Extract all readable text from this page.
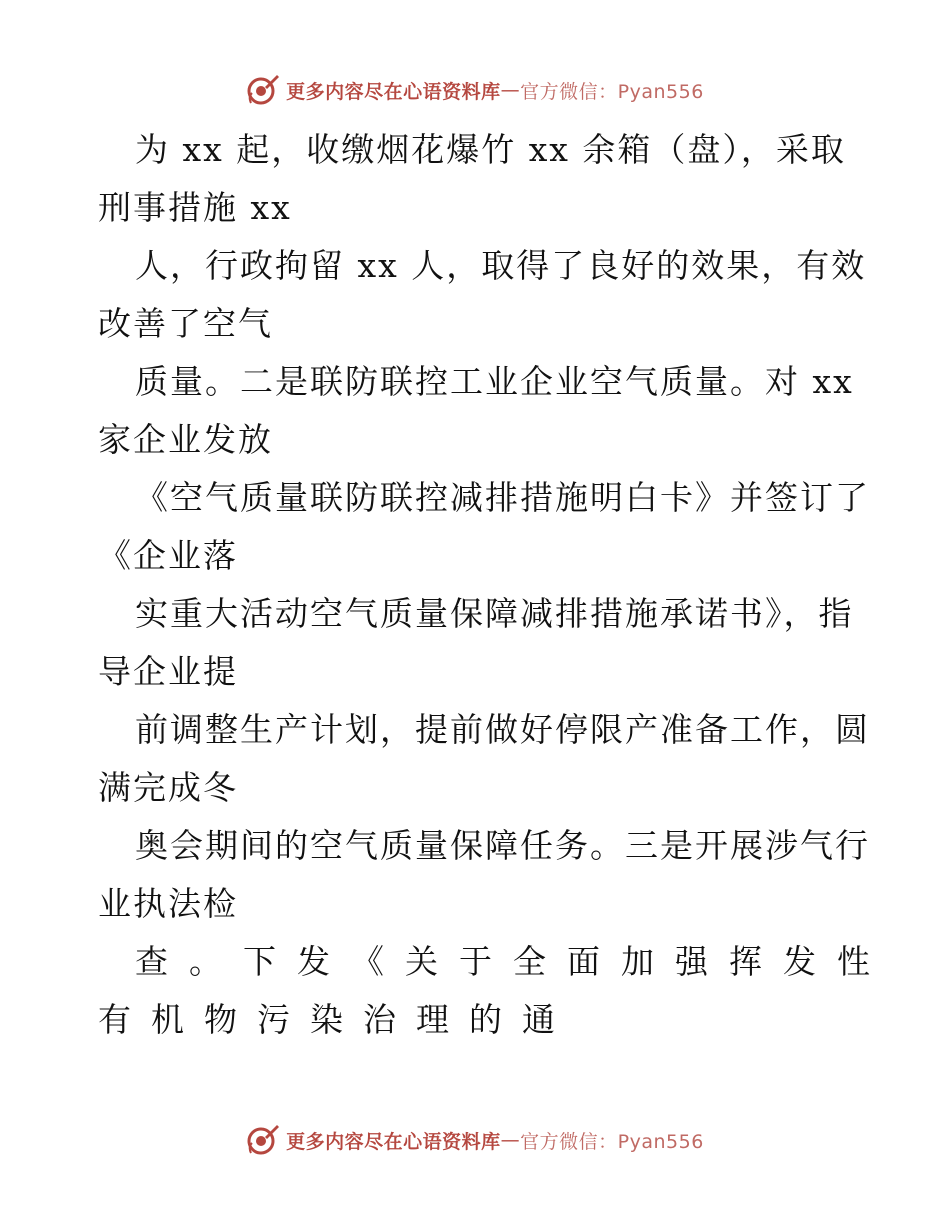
更多内容尽在心语资料库 — 官方微信：Pyan556
为 xx 起，收缴烟花爆竹 xx 余箱（盘），采取
刑事措施 xx
人，行政拘留 xx 人，取得了良好的效果，有效
改善了空气
质量。二是联防联控工业企业空气质量。对 xx
家企业发放
《空气质量联防联控减排措施明白卡》并签订了
《企业落
实重大活动空气质量保障减排措施承诺书》，指
导企业提
前调整生产计划，提前做好停限产准备工作，圆
满完成冬
奥会期间的空气质量保障任务。三是开展涉气行
业执法检
查。下发《关于全面加强挥发性
有机物污染治理的通
更多内容尽在心语资料库 — 官方微信：Pyan556
